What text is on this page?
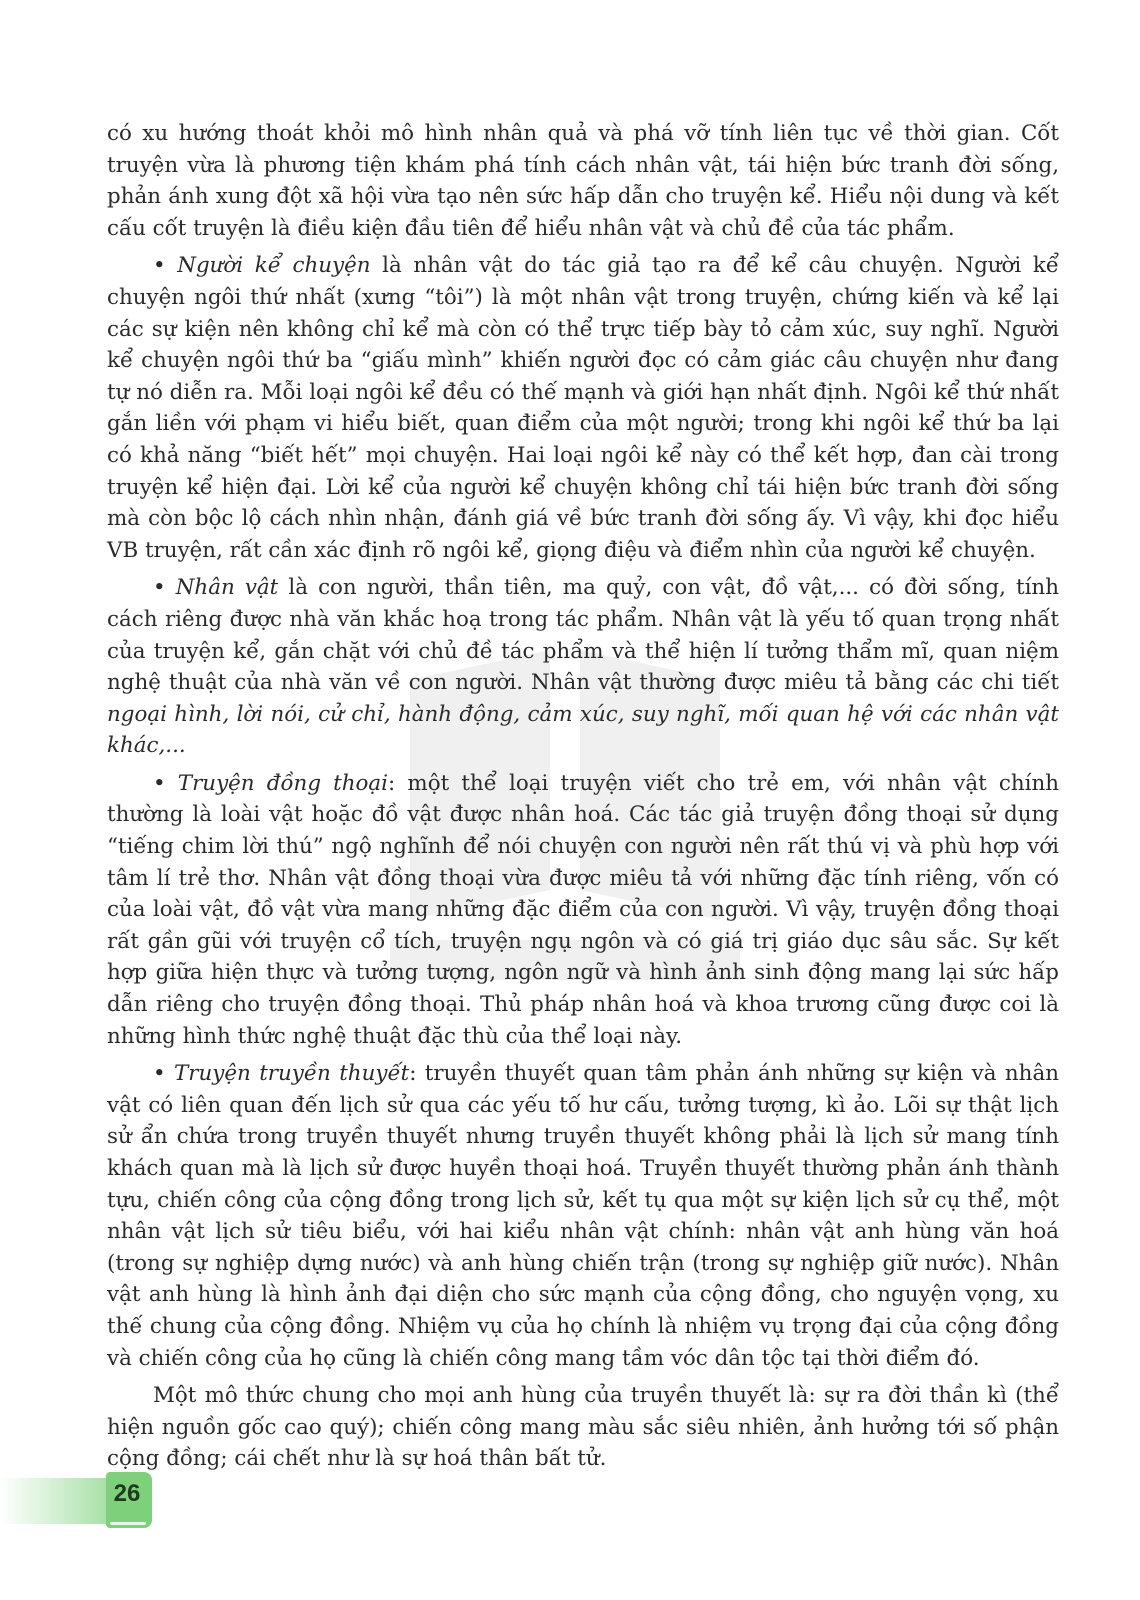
có xu hướng thoát khỏi mô hình nhân quả và phá vỡ tính liên tục về thời gian. Cốt truyện vừa là phương tiện khám phá tính cách nhân vật, tái hiện bức tranh đời sống, phản ánh xung đột xã hội vừa tạo nên sức hấp dẫn cho truyện kể. Hiểu nội dung và kết cấu cốt truyện là điều kiện đầu tiên để hiểu nhân vật và chủ đề của tác phẩm.

• Người kể chuyện là nhân vật do tác giả tạo ra để kể câu chuyện. Người kể chuyện ngôi thứ nhất (xưng “tôi”) là một nhân vật trong truyện, chứng kiến và kể lại các sự kiện nên không chỉ kể mà còn có thể trực tiếp bày tỏ cảm xúc, suy nghĩ. Người kể chuyện ngôi thứ ba “giấu mình” khiến người đọc có cảm giác câu chuyện như đang tự nó diễn ra. Mỗi loại ngôi kể đều có thế mạnh và giới hạn nhất định. Ngôi kể thứ nhất gắn liền với phạm vi hiểu biết, quan điểm của một người; trong khi ngôi kể thứ ba lại có khả năng “biết hết” mọi chuyện. Hai loại ngôi kể này có thể kết hợp, đan cài trong truyện kể hiện đại. Lời kể của người kể chuyện không chỉ tái hiện bức tranh đời sống mà còn bộc lộ cách nhìn nhận, đánh giá về bức tranh đời sống ấy. Vì vậy, khi đọc hiểu VB truyện, rất cần xác định rõ ngôi kể, giọng điệu và điểm nhìn của người kể chuyện.

• Nhân vật là con người, thần tiên, ma quỷ, con vật, đồ vật,... có đời sống, tính cách riêng được nhà văn khắc hoạ trong tác phẩm. Nhân vật là yếu tố quan trọng nhất của truyện kể, gắn chặt với chủ đề tác phẩm và thể hiện lí tưởng thẩm mĩ, quan niệm nghệ thuật của nhà văn về con người. Nhân vật thường được miêu tả bằng các chi tiết ngoại hình, lời nói, cử chỉ, hành động, cảm xúc, suy nghĩ, mối quan hệ với các nhân vật khác,...

• Truyện đồng thoại: một thể loại truyện viết cho trẻ em, với nhân vật chính thường là loài vật hoặc đồ vật được nhân hoá. Các tác giả truyện đồng thoại sử dụng “tiếng chim lời thú” ngộ nghĩnh để nói chuyện con người nên rất thú vị và phù hợp với tâm lí trẻ thơ. Nhân vật đồng thoại vừa được miêu tả với những đặc tính riêng, vốn có của loài vật, đồ vật vừa mang những đặc điểm của con người. Vì vậy, truyện đồng thoại rất gần gũi với truyện cổ tích, truyện ngụ ngôn và có giá trị giáo dục sâu sắc. Sự kết hợp giữa hiện thực và tưởng tượng, ngôn ngữ và hình ảnh sinh động mang lại sức hấp dẫn riêng cho truyện đồng thoại. Thủ pháp nhân hoá và khoa trương cũng được coi là những hình thức nghệ thuật đặc thù của thể loại này.

• Truyện truyền thuyết: truyền thuyết quan tâm phản ánh những sự kiện và nhân vật có liên quan đến lịch sử qua các yếu tố hư cấu, tưởng tượng, kì ảo. Lõi sự thật lịch sử ẩn chứa trong truyền thuyết nhưng truyền thuyết không phải là lịch sử mang tính khách quan mà là lịch sử được huyền thoại hoá. Truyền thuyết thường phản ánh thành tựu, chiến công của cộng đồng trong lịch sử, kết tụ qua một sự kiện lịch sử cụ thể, một nhân vật lịch sử tiêu biểu, với hai kiểu nhân vật chính: nhân vật anh hùng văn hoá (trong sự nghiệp dựng nước) và anh hùng chiến trận (trong sự nghiệp giữ nước). Nhân vật anh hùng là hình ảnh đại diện cho sức mạnh của cộng đồng, cho nguyện vọng, xu thế chung của cộng đồng. Nhiệm vụ của họ chính là nhiệm vụ trọng đại của cộng đồng và chiến công của họ cũng là chiến công mang tầm vóc dân tộc tại thời điểm đó.

Một mô thức chung cho mọi anh hùng của truyền thuyết là: sự ra đời thần kì (thể hiện nguồn gốc cao quý); chiến công mang màu sắc siêu nhiên, ảnh hưởng tới số phận cộng đồng; cái chết như là sự hoá thân bất tử.

26
